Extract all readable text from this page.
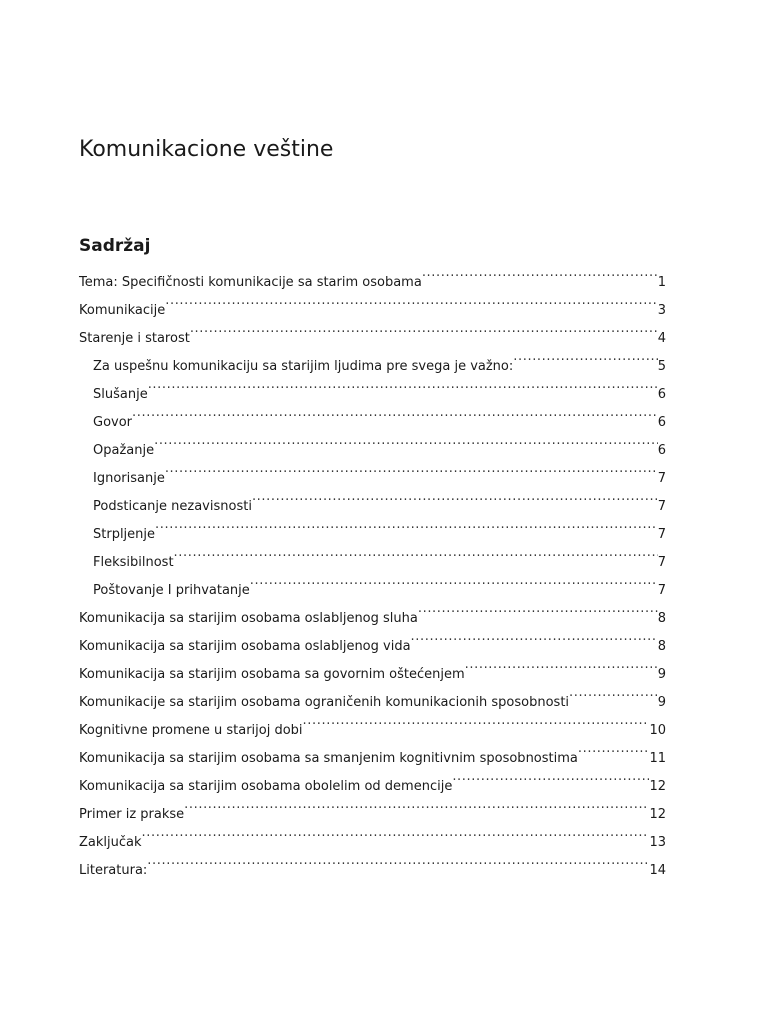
Komunikacione veštine
Sadržaj
Tema: Specifičnosti komunikacije sa starim osobama .....	1
Komunikacije .....	3
Starenje i starost .....	4
Za uspešnu komunikaciju sa starijim ljudima pre svega je važno: .....	5
Slušanje .....	6
Govor .....	6
Opažanje .....	6
Ignorisanje .....	7
Podsticanje nezavisnosti .....	7
Strpljenje .....	7
Fleksibilnost .....	7
Poštovanje I prihvatanje .....	7
Komunikacija sa starijim osobama oslabljenog sluha .....	8
Komunikacija sa starijim osobama oslabljenog vida .....	8
Komunikacija sa starijim osobama sa govornim oštećenjem .....	9
Komunikacije sa starijim osobama ograničenih komunikacionih sposobnosti .....	9
Kognitivne promene u starijoj dobi .....	10
Komunikacija sa starijim osobama sa smanjenim kognitivnim sposobnostima .....	11
Komunikacija sa starijim osobama obolelim od demencije .....	12
Primer iz prakse .....	12
Zaključak .....	13
Literatura: .....	14
